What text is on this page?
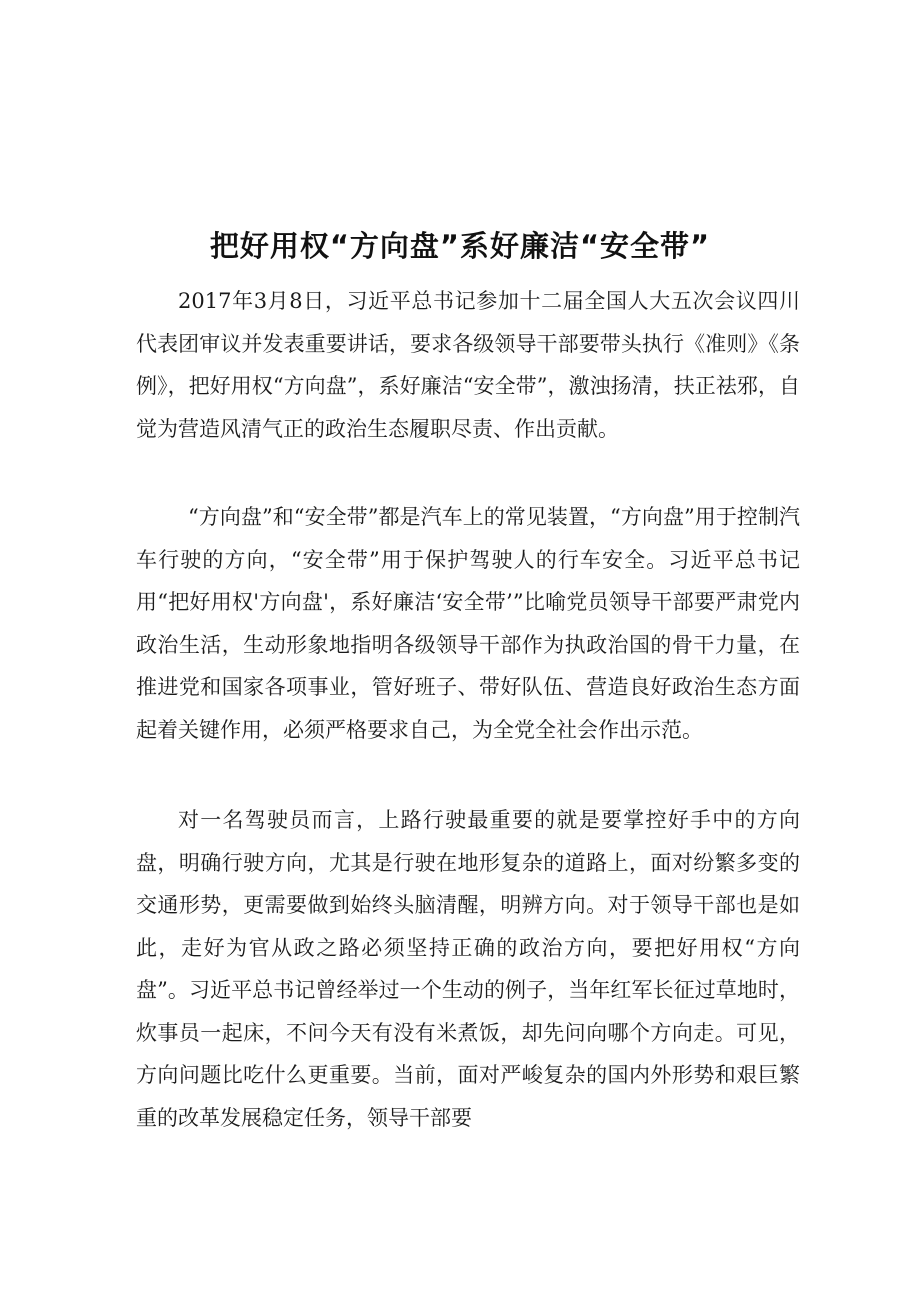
把好用权“方向盘”系好廉洁“安全带”

2017年3月8日，习近平总书记参加十二届全国人大五次会议四川代表团审议并发表重要讲话，要求各级领导干部要带头执行《准则》《条例》，把好用权“方向盘”，系好廉洁“安全带”，激浊扬清，扶正祛邪，自觉为营造风清气正的政治生态履职尽责、作出贡献。

“方向盘”和“安全带”都是汽车上的常见装置，“方向盘”用于控制汽车行驶的方向，“安全带”用于保护驾驶人的行车安全。习近平总书记用“把好用权'方向盘'，系好廉洁‘安全带’”比喻党员领导干部要严肃党内政治生活，生动形象地指明各级领导干部作为执政治国的骨干力量，在推进党和国家各项事业，管好班子、带好队伍、营造良好政治生态方面起着关键作用，必须严格要求自己，为全党全社会作出示范。

对一名驾驶员而言，上路行驶最重要的就是要掌控好手中的方向盘，明确行驶方向，尤其是行驶在地形复杂的道路上，面对纷繁多变的交通形势，更需要做到始终头脑清醒，明辨方向。对于领导干部也是如此，走好为官从政之路必须坚持正确的政治方向，要把好用权“方向盘”。习近平总书记曾经举过一个生动的例子，当年红军长征过草地时，炊事员一起床，不问今天有没有米煮饭，却先问向哪个方向走。可见，方向问题比吃什么更重要。当前，面对严峻复杂的国内外形势和艰巨繁重的改革发展稳定任务，领导干部要
